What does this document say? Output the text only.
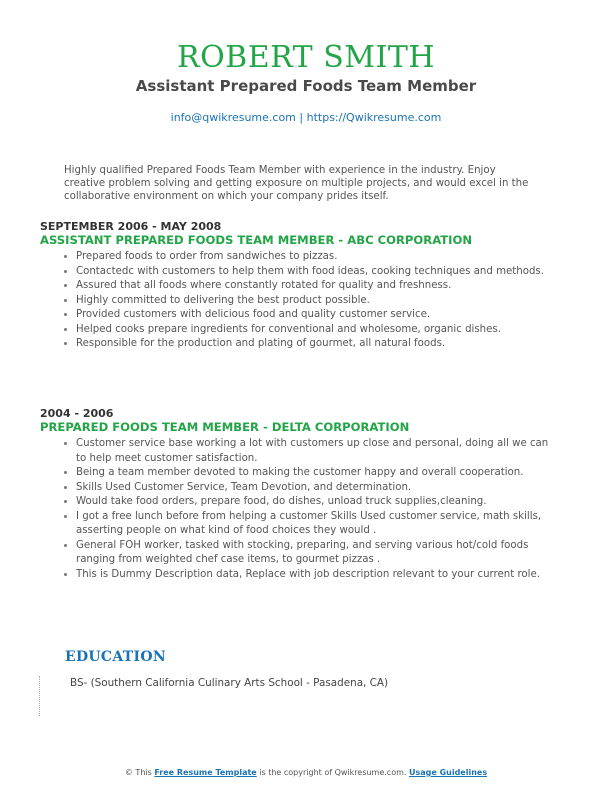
ROBERT SMITH
Assistant Prepared Foods Team Member
info@qwikresume.com | https://Qwikresume.com
Highly qualified Prepared Foods Team Member with experience in the industry. Enjoy creative problem solving and getting exposure on multiple projects, and would excel in the collaborative environment on which your company prides itself.
SEPTEMBER 2006 - MAY 2008
ASSISTANT PREPARED FOODS TEAM MEMBER - ABC CORPORATION
• Prepared foods to order from sandwiches to pizzas.
• Contactedc with customers to help them with food ideas, cooking techniques and methods.
• Assured that all foods where constantly rotated for quality and freshness.
• Highly committed to delivering the best product possible.
• Provided customers with delicious food and quality customer service.
• Helped cooks prepare ingredients for conventional and wholesome, organic dishes.
• Responsible for the production and plating of gourmet, all natural foods.
2004 - 2006
PREPARED FOODS TEAM MEMBER - DELTA CORPORATION
• Customer service base working a lot with customers up close and personal, doing all we can to help meet customer satisfaction.
• Being a team member devoted to making the customer happy and overall cooperation.
• Skills Used Customer Service, Team Devotion, and determination.
• Would take food orders, prepare food, do dishes, unload truck supplies,cleaning.
• I got a free lunch before from helping a customer Skills Used customer service, math skills, asserting people on what kind of food choices they would .
• General FOH worker, tasked with stocking, preparing, and serving various hot/cold foods ranging from weighted chef case items, to gourmet pizzas .
• This is Dummy Description data, Replace with job description relevant to your current role.
EDUCATION
BS- (Southern California Culinary Arts School - Pasadena, CA)
© This Free Resume Template is the copyright of Qwikresume.com. Usage Guidelines
